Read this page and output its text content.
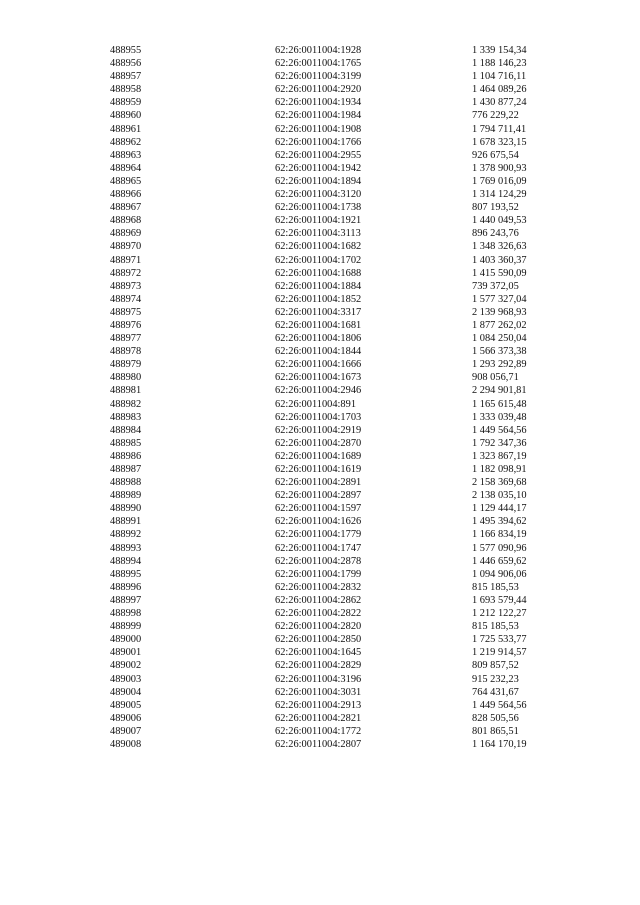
488955	62:26:0011004:1928	1 339 154,34
488956	62:26:0011004:1765	1 188 146,23
488957	62:26:0011004:3199	1 104 716,11
488958	62:26:0011004:2920	1 464 089,26
488959	62:26:0011004:1934	1 430 877,24
488960	62:26:0011004:1984	776 229,22
488961	62:26:0011004:1908	1 794 711,41
488962	62:26:0011004:1766	1 678 323,15
488963	62:26:0011004:2955	926 675,54
488964	62:26:0011004:1942	1 378 900,93
488965	62:26:0011004:1894	1 769 016,09
488966	62:26:0011004:3120	1 314 124,29
488967	62:26:0011004:1738	807 193,52
488968	62:26:0011004:1921	1 440 049,53
488969	62:26:0011004:3113	896 243,76
488970	62:26:0011004:1682	1 348 326,63
488971	62:26:0011004:1702	1 403 360,37
488972	62:26:0011004:1688	1 415 590,09
488973	62:26:0011004:1884	739 372,05
488974	62:26:0011004:1852	1 577 327,04
488975	62:26:0011004:3317	2 139 968,93
488976	62:26:0011004:1681	1 877 262,02
488977	62:26:0011004:1806	1 084 250,04
488978	62:26:0011004:1844	1 566 373,38
488979	62:26:0011004:1666	1 293 292,89
488980	62:26:0011004:1673	908 056,71
488981	62:26:0011004:2946	2 294 901,81
488982	62:26:0011004:891	1 165 615,48
488983	62:26:0011004:1703	1 333 039,48
488984	62:26:0011004:2919	1 449 564,56
488985	62:26:0011004:2870	1 792 347,36
488986	62:26:0011004:1689	1 323 867,19
488987	62:26:0011004:1619	1 182 098,91
488988	62:26:0011004:2891	2 158 369,68
488989	62:26:0011004:2897	2 138 035,10
488990	62:26:0011004:1597	1 129 444,17
488991	62:26:0011004:1626	1 495 394,62
488992	62:26:0011004:1779	1 166 834,19
488993	62:26:0011004:1747	1 577 090,96
488994	62:26:0011004:2878	1 446 659,62
488995	62:26:0011004:1799	1 094 906,06
488996	62:26:0011004:2832	815 185,53
488997	62:26:0011004:2862	1 693 579,44
488998	62:26:0011004:2822	1 212 122,27
488999	62:26:0011004:2820	815 185,53
489000	62:26:0011004:2850	1 725 533,77
489001	62:26:0011004:1645	1 219 914,57
489002	62:26:0011004:2829	809 857,52
489003	62:26:0011004:3196	915 232,23
489004	62:26:0011004:3031	764 431,67
489005	62:26:0011004:2913	1 449 564,56
489006	62:26:0011004:2821	828 505,56
489007	62:26:0011004:1772	801 865,51
489008	62:26:0011004:2807	1 164 170,19
